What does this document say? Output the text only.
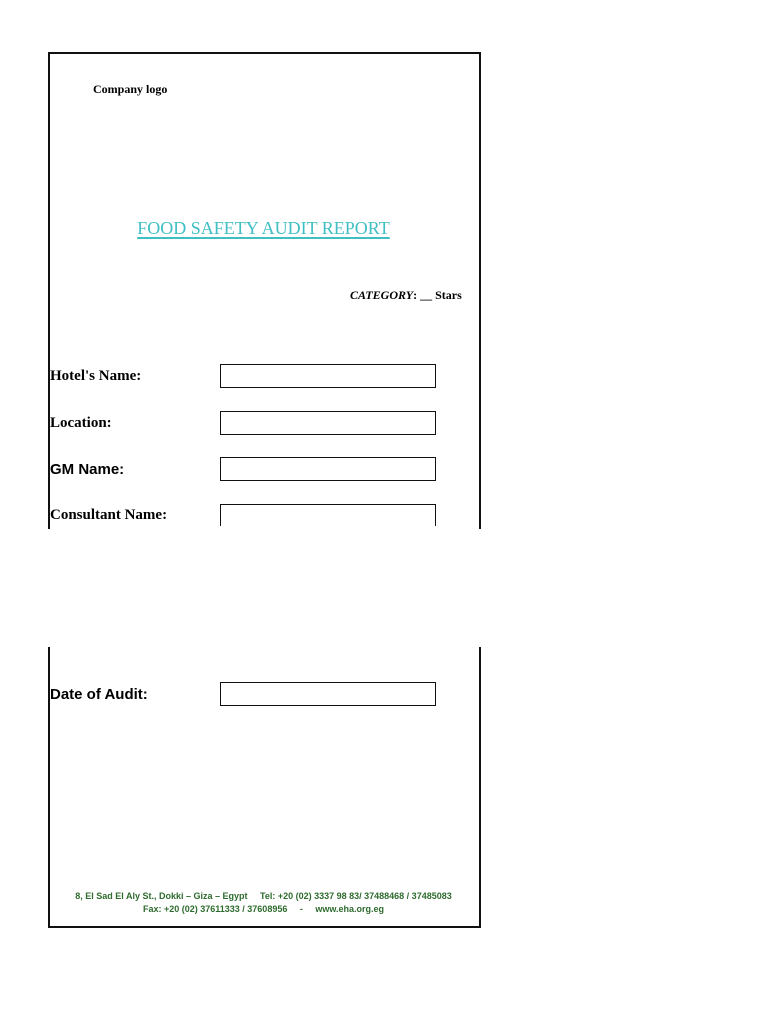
Company logo
FOOD SAFETY AUDIT REPORT
CATEGORY: __ Stars
Hotel's Name:
Location:
GM Name:
Consultant Name:
Date of Audit:
8, El Sad El Aly St., Dokki – Giza – Egypt     Tel: +20 (02) 3337 98 83/ 37488468 / 37485083
Fax: +20 (02) 37611333 / 37608956     -     www.eha.org.eg
